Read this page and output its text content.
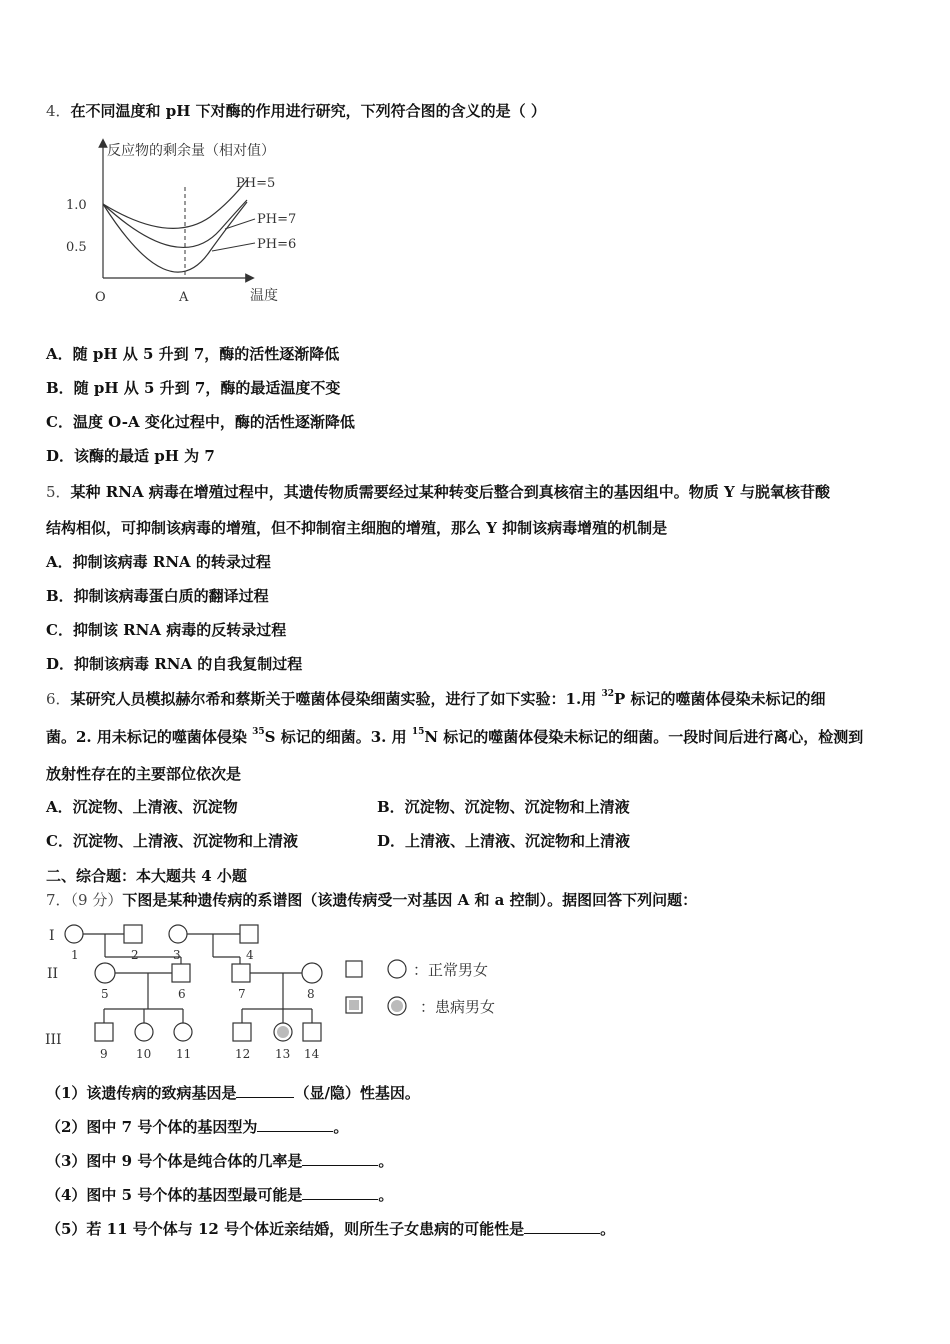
4．在不同温度和 pH 下对酶的作用进行研究，下列符合图的含义的是（ ）
反应物的剩余量（相对值）
温度
1.0
0.5
O	A
PH=5
PH=7
PH=6
A．随 pH 从 5 升到 7，酶的活性逐渐降低
B．随 pH 从 5 升到 7，酶的最适温度不变
C．温度 O-A 变化过程中，酶的活性逐渐降低
D．该酶的最适 pH 为 7
5．某种 RNA 病毒在增殖过程中，其遗传物质需要经过某种转变后整合到真核宿主的基因组中。物质 Y 与脱氧核苷酸
结构相似，可抑制该病毒的增殖，但不抑制宿主细胞的增殖，那么 Y 抑制该病毒增殖的机制是
A．抑制该病毒 RNA 的转录过程
B．抑制该病毒蛋白质的翻译过程
C．抑制该 RNA 病毒的反转录过程
D．抑制该病毒 RNA 的自我复制过程
6．某研究人员模拟赫尔希和蔡斯关于噬菌体侵染细菌实验，进行了如下实验：1.用 $^{32}$P 标记的噬菌体侵染未标记的细
菌。2. 用未标记的噬菌体侵染 $^{35}$S 标记的细菌。3. 用 $^{15}$N 标记的噬菌体侵染未标记的细菌。一段时间后进行离心，检测到
放射性存在的主要部位依次是
A．沉淀物、上清液、沉淀物	B．沉淀物、沉淀物、沉淀物和上清液
C．沉淀物、上清液、沉淀物和上清液	D．上清液、上清液、沉淀物和上清液
二、综合题：本大题共 4 小题
7．（9 分）下图是某种遗传病的系谱图（该遗传病受一对基因 A 和 a 控制）。据图回答下列问题：
I
II
III
1	2	3	4
5	6	7	8
9 10 11	12 13 14
：正常男女
：患病男女
（1）该遗传病的致病基因是	（显/隐）性基因。
（2）图中 7 号个体的基因型为	。
（3）图中 9 号个体是纯合体的几率是	。
（4）图中 5 号个体的基因型最可能是	。
（5）若 11 号个体与 12 号个体近亲结婚，则所生子女患病的可能性是	。
